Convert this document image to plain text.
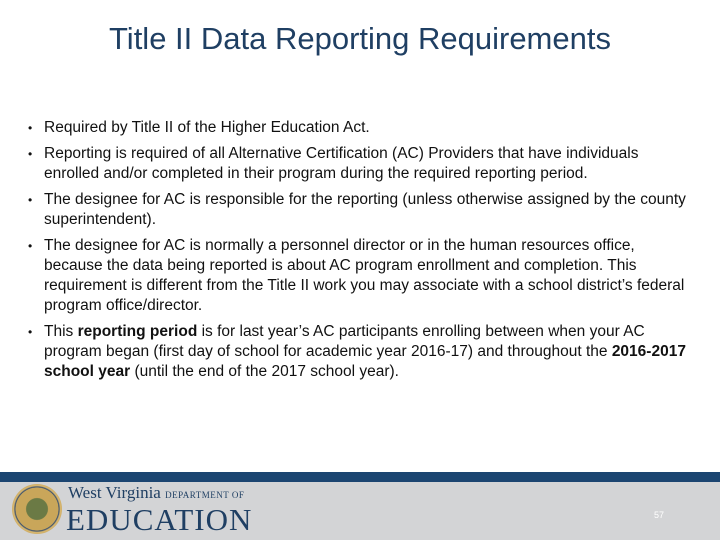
Title II Data Reporting Requirements
• Required by Title II of the Higher Education Act.
• Reporting is required of all Alternative Certification (AC) Providers that have individuals enrolled and/or completed in their program during the required reporting period.
• The designee for AC is responsible for the reporting (unless otherwise assigned by the county superintendent).
• The designee for AC is normally a personnel director or in the human resources office, because the data being reported is about AC program enrollment and completion. This requirement is different from the Title II work you may associate with a school district’s federal program office/director.
• This reporting period is for last year’s AC participants enrolling between when your AC program began (first day of school for academic year 2016-17) and throughout the 2016-2017 school year (until the end of the 2017 school year).
West Virginia DEPARTMENT OF
EDUCATION	57
